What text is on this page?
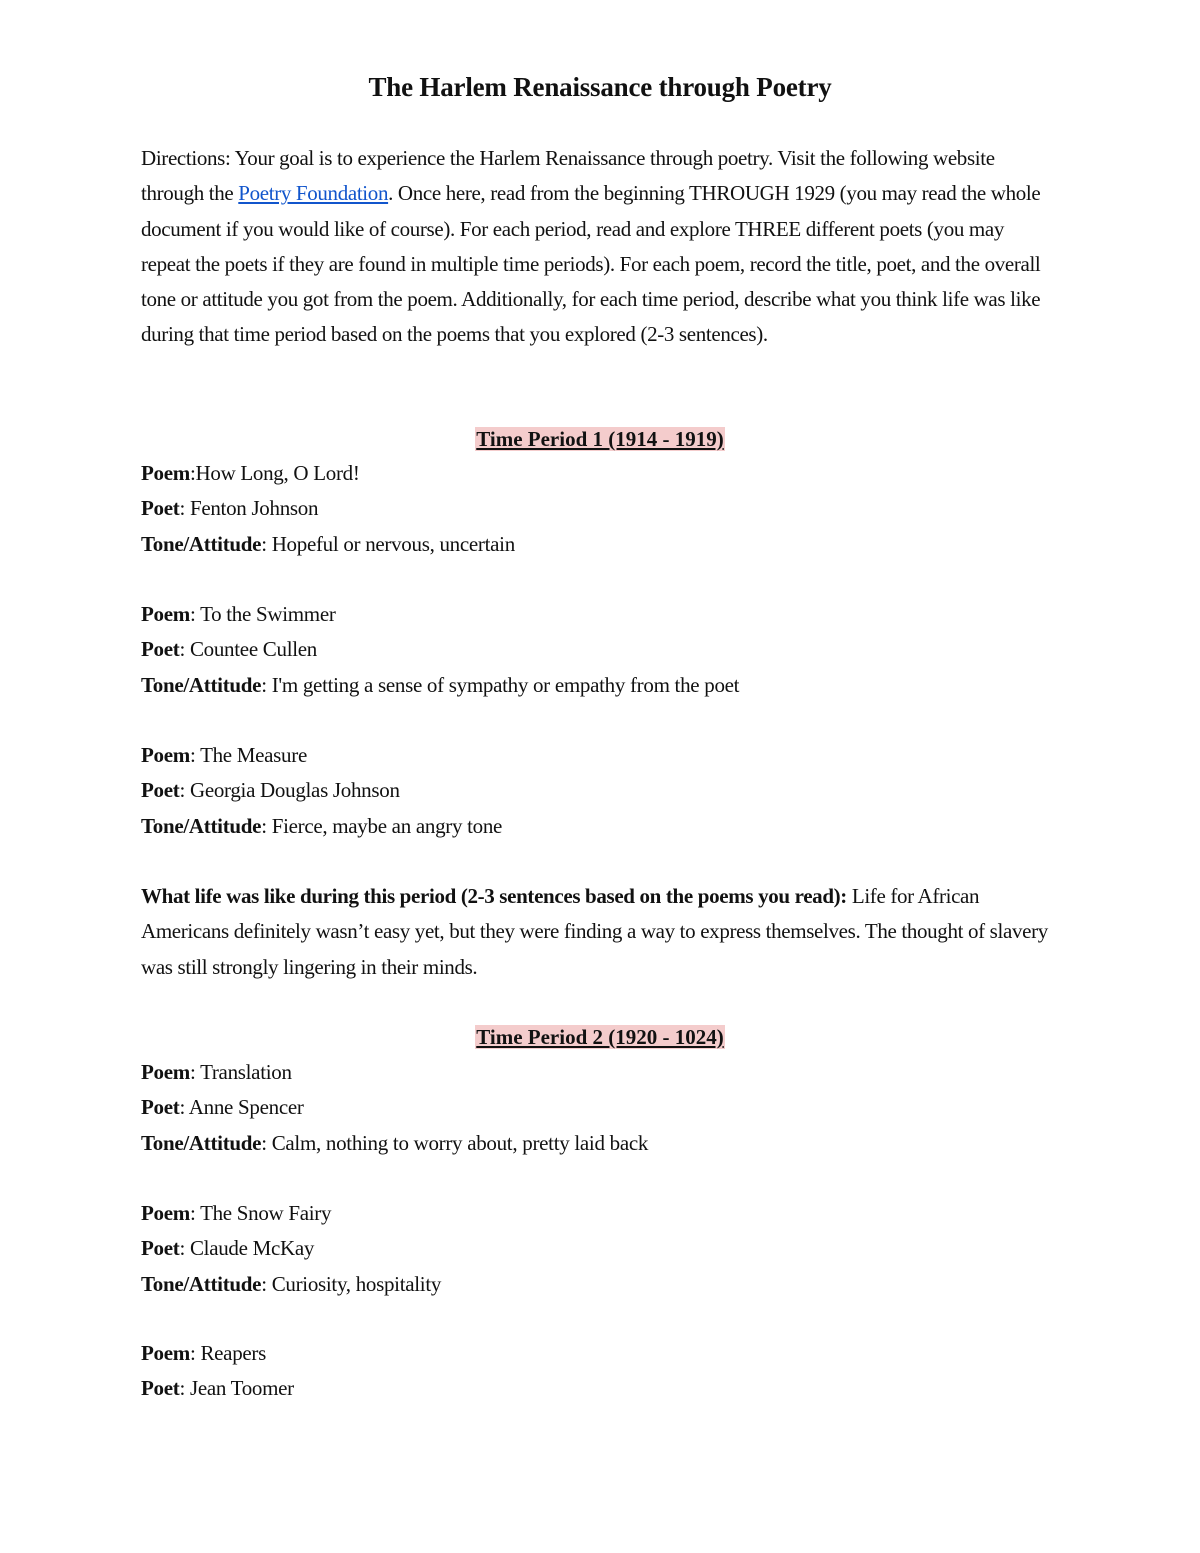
The Harlem Renaissance through Poetry

Directions: Your goal is to experience the Harlem Renaissance through poetry. Visit the following website through the Poetry Foundation. Once here, read from the beginning THROUGH 1929 (you may read the whole document if you would like of course). For each period, read and explore THREE different poets (you may repeat the poets if they are found in multiple time periods). For each poem, record the title, poet, and the overall tone or attitude you got from the poem. Additionally, for each time period, describe what you think life was like during that time period based on the poems that you explored (2-3 sentences).

Time Period 1 (1914 - 1919)
Poem:How Long, O Lord!
Poet: Fenton Johnson
Tone/Attitude: Hopeful or nervous, uncertain
Poem: To the Swimmer
Poet: Countee Cullen
Tone/Attitude: I'm getting a sense of sympathy or empathy from the poet
Poem: The Measure
Poet: Georgia Douglas Johnson
Tone/Attitude: Fierce, maybe an angry tone

What life was like during this period (2-3 sentences based on the poems you read): Life for African Americans definitely wasn’t easy yet, but they were finding a way to express themselves. The thought of slavery was still strongly lingering in their minds.

Time Period 2 (1920 - 1024)
Poem: Translation
Poet: Anne Spencer
Tone/Attitude: Calm, nothing to worry about, pretty laid back
Poem: The Snow Fairy
Poet: Claude McKay
Tone/Attitude: Curiosity, hospitality
Poem: Reapers
Poet: Jean Toomer
